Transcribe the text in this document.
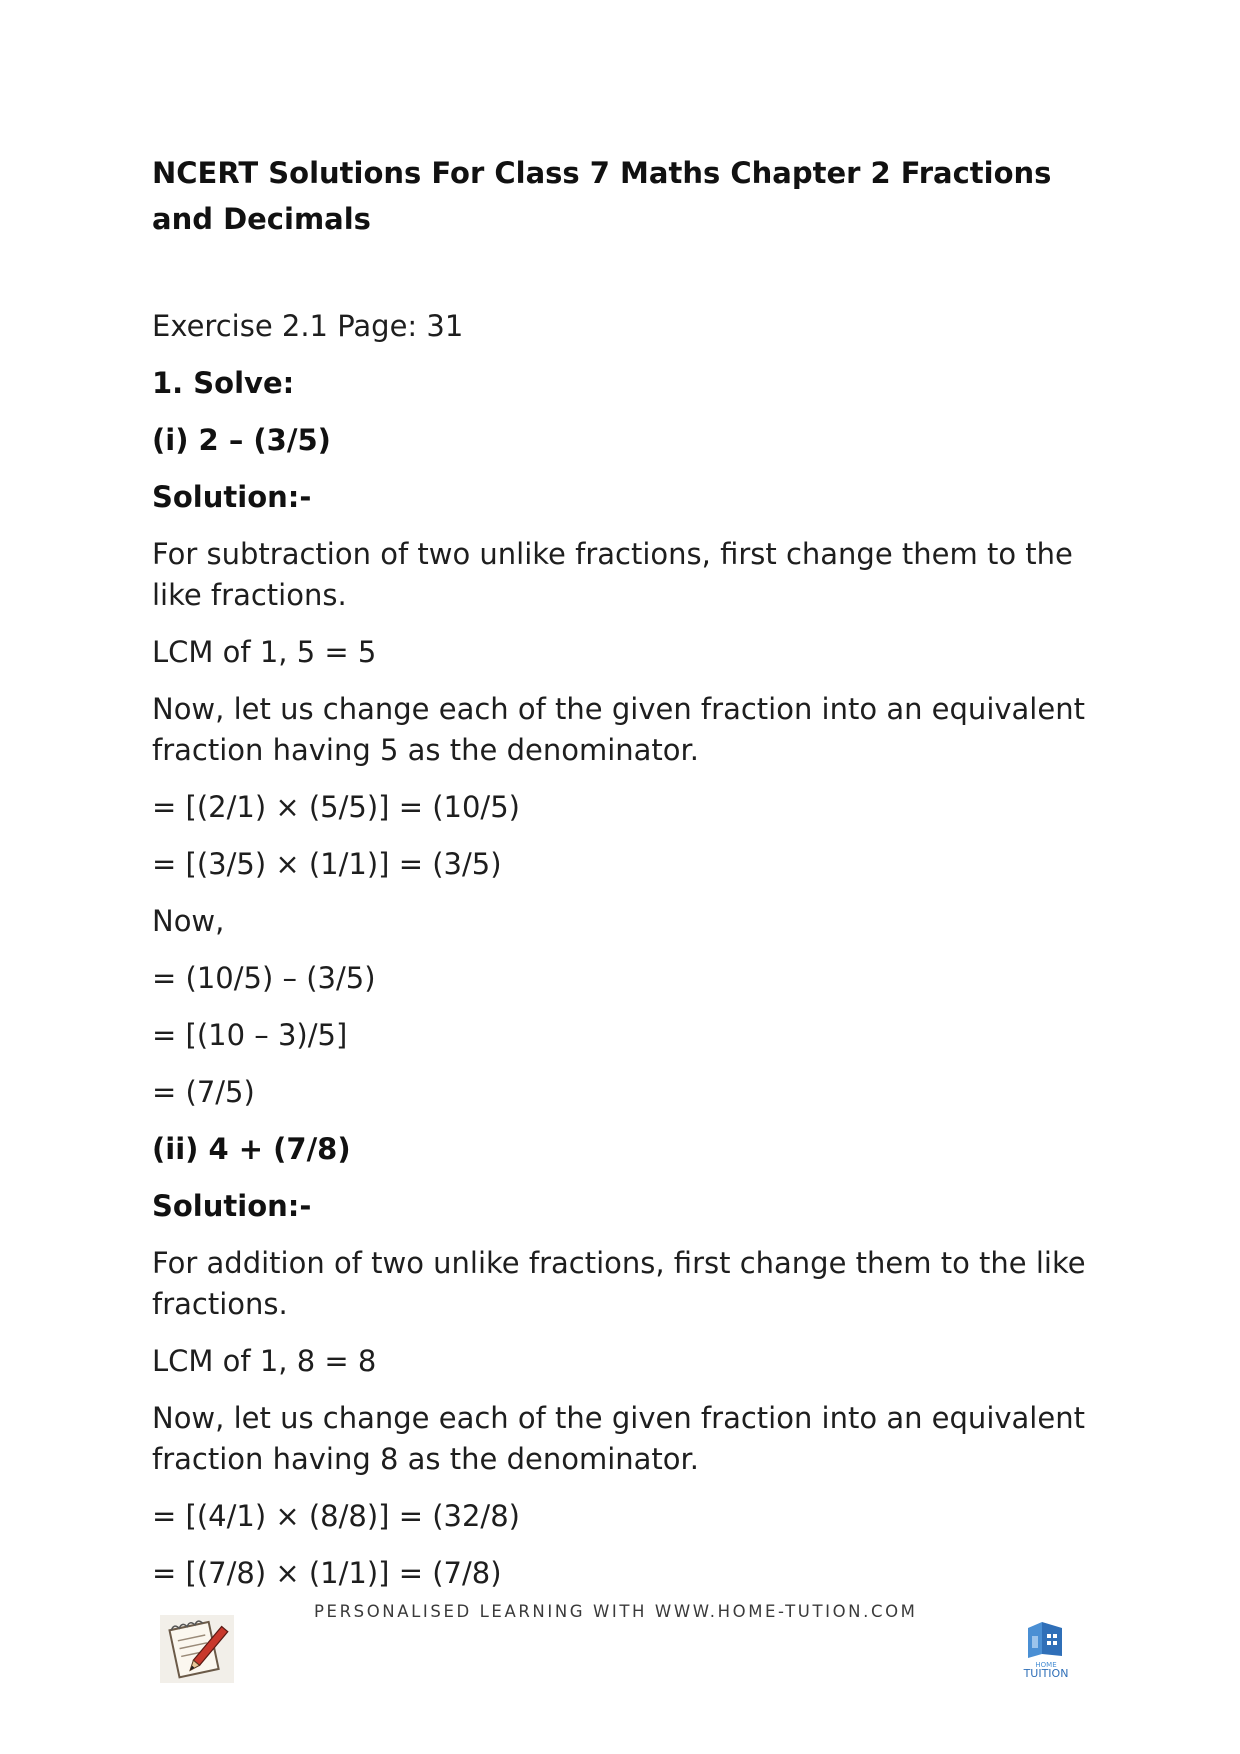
NCERT Solutions For Class 7 Maths Chapter 2 Fractions and Decimals
Exercise 2.1 Page: 31
1. Solve:
(i) 2 – (3/5)
Solution:-
For subtraction of two unlike fractions, first change them to the like fractions.
LCM of 1, 5 = 5
Now, let us change each of the given fraction into an equivalent fraction having 5 as the denominator.
= [(2/1) × (5/5)] = (10/5)
= [(3/5) × (1/1)] = (3/5)
Now,
= (10/5) – (3/5)
= [(10 – 3)/5]
= (7/5)
(ii) 4 + (7/8)
Solution:-
For addition of two unlike fractions, first change them to the like fractions.
LCM of 1, 8 = 8
Now, let us change each of the given fraction into an equivalent fraction having 8 as the denominator.
= [(4/1) × (8/8)] = (32/8)
= [(7/8) × (1/1)] = (7/8)
PERSONALISED LEARNING WITH WWW.HOME-TUTION.COM
HOME
TUITION
